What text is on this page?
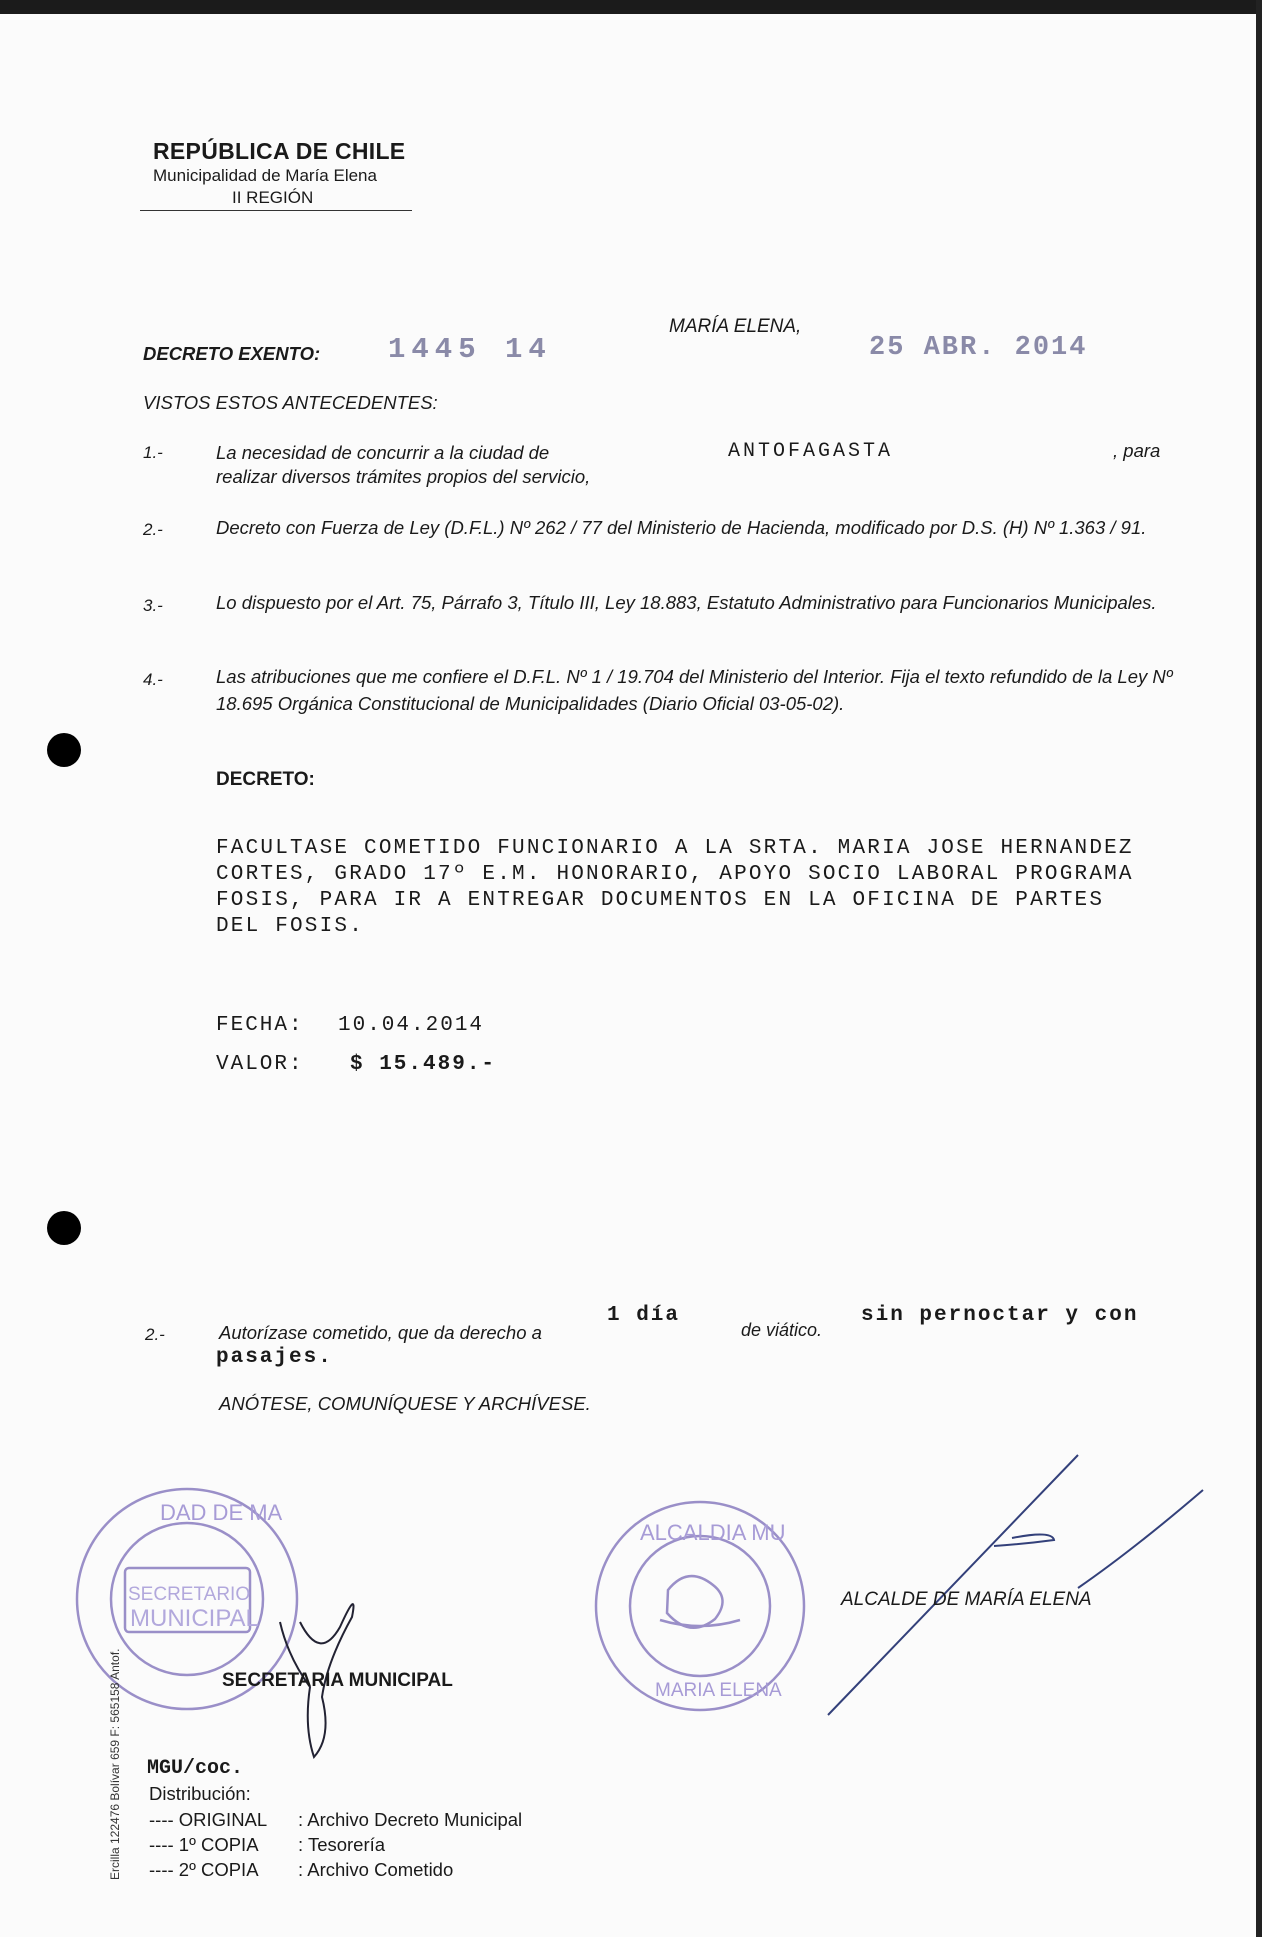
REPÚBLICA DE CHILE
Municipalidad de María Elena
II REGIÓN
DECRETO EXENTO: 1445 14
MARÍA ELENA,
25 ABR. 2014
VISTOS ESTOS ANTECEDENTES:
1.-	La necesidad de concurrir a la ciudad de	ANTOFAGASTA	, para
realizar diversos trámites propios del servicio,
2.-	Decreto con Fuerza de Ley (D.F.L.) Nº 262 / 77 del Ministerio de Hacienda, modificado por D.S. (H) Nº 1.363 / 91.
3.-	Lo dispuesto por el Art. 75, Párrafo 3, Título III, Ley 18.883, Estatuto Administrativo para Funcionarios Municipales.
4.-	Las atribuciones que me confiere el D.F.L. Nº 1 / 19.704 del Ministerio del Interior. Fija el texto refundido de la Ley Nº 18.695 Orgánica Constitucional de Municipalidades (Diario Oficial 03-05-02).
DECRETO:
FACULTASE COMETIDO FUNCIONARIO A LA SRTA. MARIA JOSE HERNANDEZ
CORTES, GRADO 17º E.M. HONORARIO, APOYO SOCIO LABORAL PROGRAMA
FOSIS, PARA IR A ENTREGAR DOCUMENTOS EN LA OFICINA DE PARTES
DEL FOSIS.
FECHA: 10.04.2014
VALOR: $ 15.489.-
2.-	Autorízase cometido, que da derecho a
1 día
de viático.
sin pernoctar y con
pasajes.
ANÓTESE, COMUNÍQUESE Y ARCHÍVESE.
SECRETARIO
MUNICIPAL
DAD DE MA
ALCALDIA MU
MARIA ELENA
SECRETARIA MUNICIPAL
ALCALDE DE MARÍA ELENA
MGU/coc.
Distribución:
---- ORIGINAL : Archivo Decreto Municipal
---- 1º COPIA : Tesorería
---- 2º COPIA : Archivo Cometido
Ercilla 122476 Bolívar 659 F: 565158 Antof.
